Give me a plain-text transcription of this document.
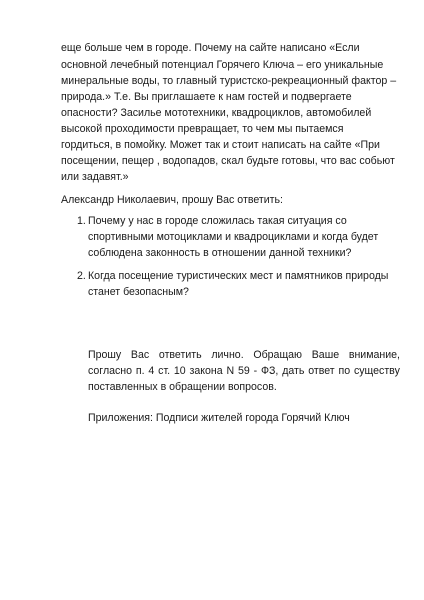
еще больше чем в городе. Почему на сайте написано «Если
основной лечебный потенциал Горячего Ключа – его уникальные
минеральные воды, то главный туристско-рекреационный фактор –
природа.» Т.е. Вы приглашаете к нам гостей и подвергаете
опасности? Засилье мототехники, квадроциклов, автомобилей
высокой проходимости превращает, то чем мы пытаемся
гордиться, в помойку. Может так и стоит написать на сайте «При
посещении, пещер , водопадов, скал будьте готовы, что вас собьют
или задавят.»
Александр Николаевич, прошу Вас ответить:
1. Почему у нас в городе сложилась такая ситуация со
спортивными мотоциклами и квадроциклами и когда будет
соблюдена законность в отношении данной техники?
2. Когда посещение туристических мест и памятников природы
станет безопасным?
Прошу Вас ответить лично. Обращаю Ваше внимание,
согласно п. 4 ст. 10 закона N 59 - ФЗ, дать ответ по существу
поставленных в обращении вопросов.
Приложения: Подписи жителей города Горячий Ключ
